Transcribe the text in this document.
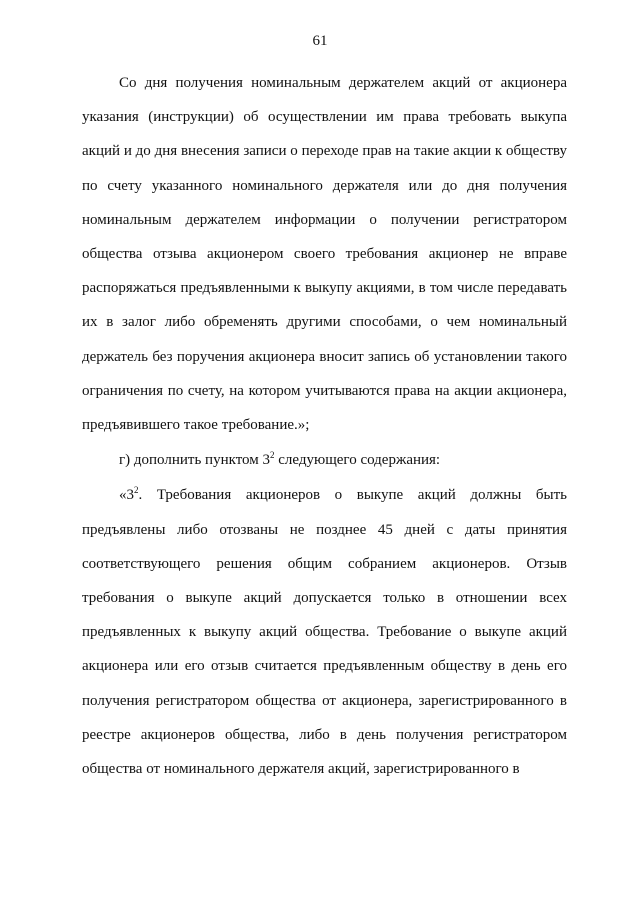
61

Со дня получения номинальным держателем акций от акционера указания (инструкции) об осуществлении им права требовать выкупа акций и до дня внесения записи о переходе прав на такие акции к обществу по счету указанного номинального держателя или до дня получения номинальным держателем информации о получении регистратором общества отзыва акционером своего требования акционер не вправе распоряжаться предъявленными к выкупу акциями, в том числе передавать их в залог либо обременять другими способами, о чем номинальный держатель без поручения акционера вносит запись об установлении такого ограничения по счету, на котором учитываются права на акции акционера, предъявившего такое требование.»;

г) дополнить пунктом $3^2$ следующего содержания:

«$3^2$. Требования акционеров о выкупе акций должны быть предъявлены либо отозваны не позднее 45 дней с даты принятия соответствующего решения общим собранием акционеров. Отзыв требования о выкупе акций допускается только в отношении всех предъявленных к выкупу акций общества. Требование о выкупе акций акционера или его отзыв считается предъявленным обществу в день его получения регистратором общества от акционера, зарегистрированного в реестре акционеров общества, либо в день получения регистратором общества от номинального держателя акций, зарегистрированного в
